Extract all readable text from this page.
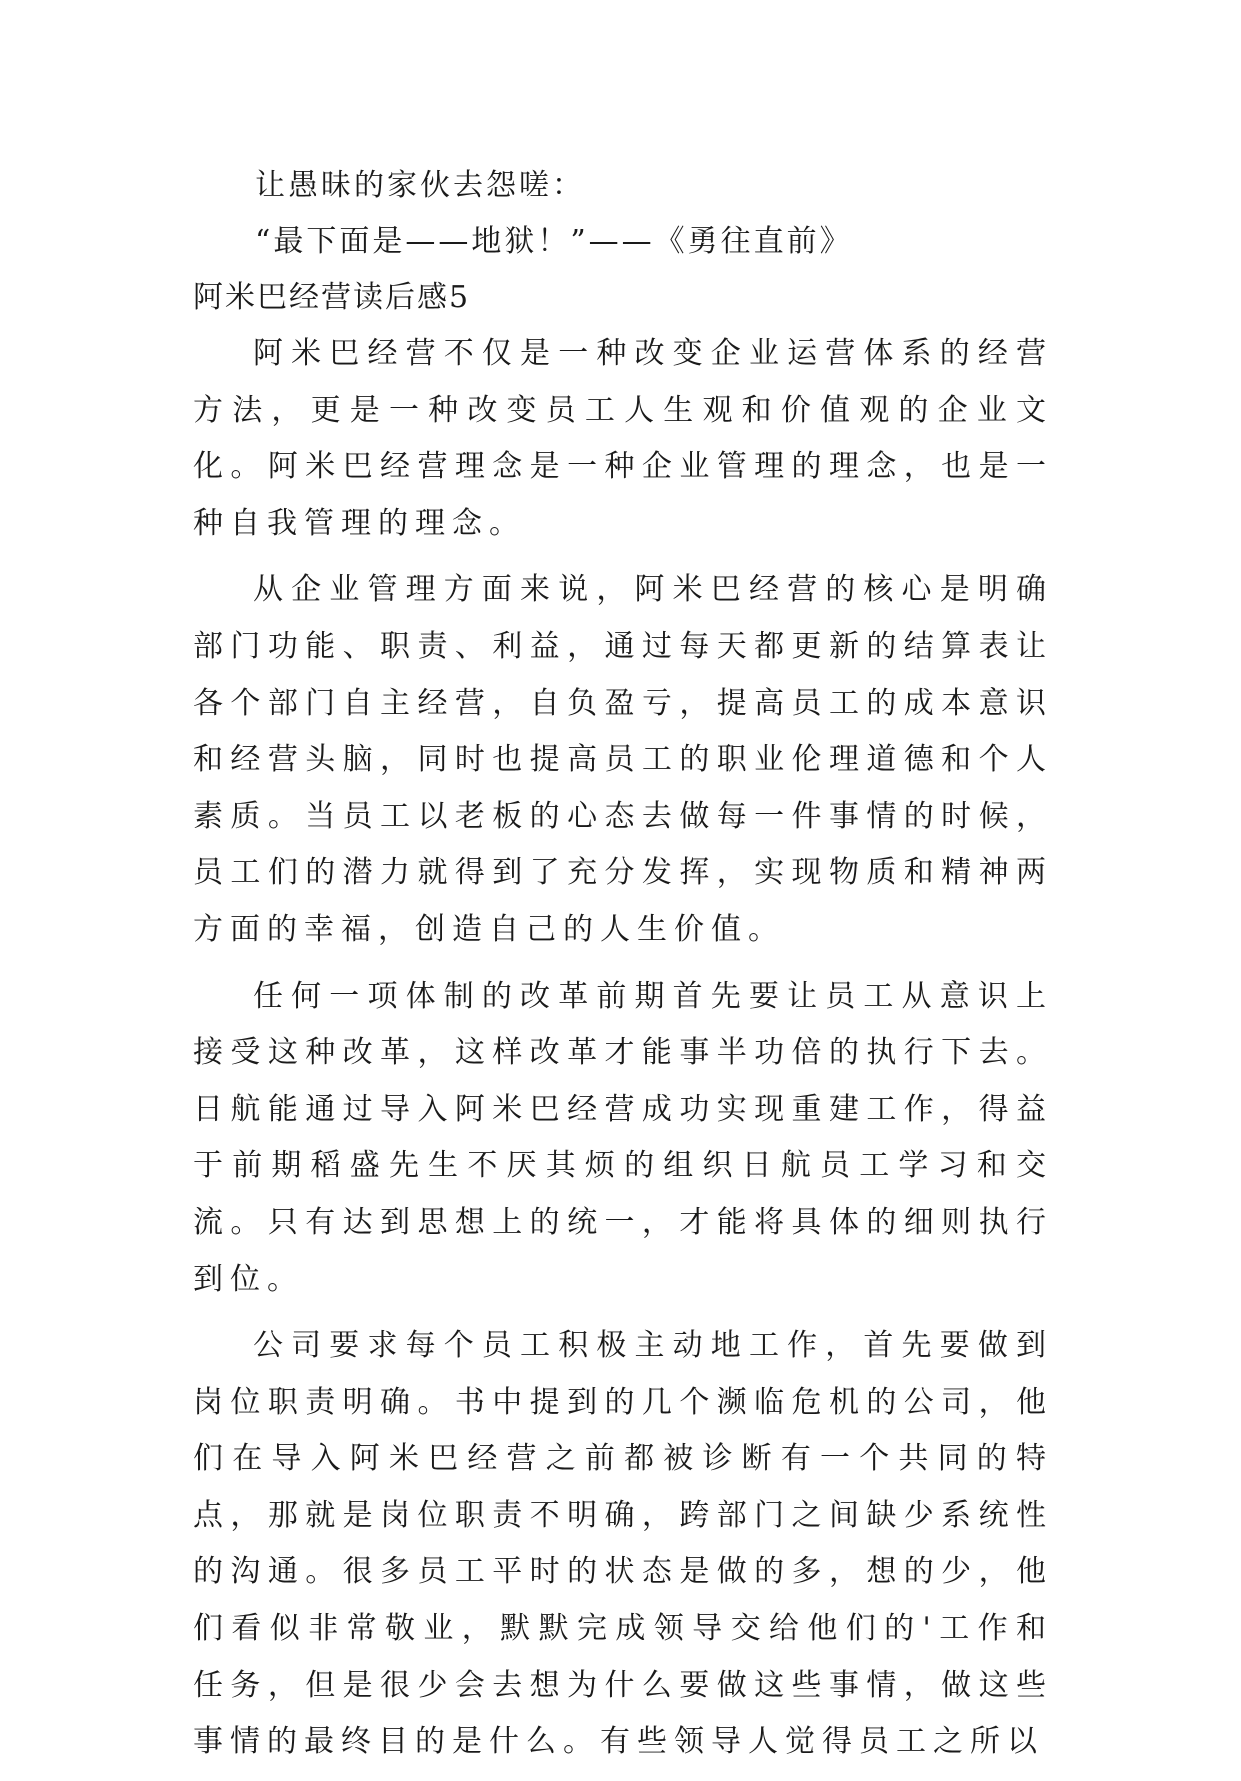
让愚昧的家伙去怨嗟：
“最下面是——地狱！”——《勇往直前》
阿米巴经营读后感5

阿米巴经营不仅是一种改变企业运营体系的经营方法，更是一种改变员工人生观和价值观的企业文化。阿米巴经营理念是一种企业管理的理念，也是一种自我管理的理念。

从企业管理方面来说，阿米巴经营的核心是明确部门功能、职责、利益，通过每天都更新的结算表让各个部门自主经营，自负盈亏，提高员工的成本意识和经营头脑，同时也提高员工的职业伦理道德和个人素质。当员工以老板的心态去做每一件事情的时候，员工们的潜力就得到了充分发挥，实现物质和精神两方面的幸福，创造自己的人生价值。

任何一项体制的改革前期首先要让员工从意识上接受这种改革，这样改革才能事半功倍的执行下去。日航能通过导入阿米巴经营成功实现重建工作，得益于前期稻盛先生不厌其烦的组织日航员工学习和交流。只有达到思想上的统一，才能将具体的细则执行到位。

公司要求每个员工积极主动地工作，首先要做到岗位职责明确。书中提到的几个濒临危机的公司，他们在导入阿米巴经营之前都被诊断有一个共同的特点，那就是岗位职责不明确，跨部门之间缺少系统性的沟通。很多员工平时的状态是做的多，想的少，他们看似非常敬业，默默完成领导交给他们的'工作和任务，但是很少会去想为什么要做这些事情，做这些事情的最终目的是什么。有些领导人觉得员工之所以
